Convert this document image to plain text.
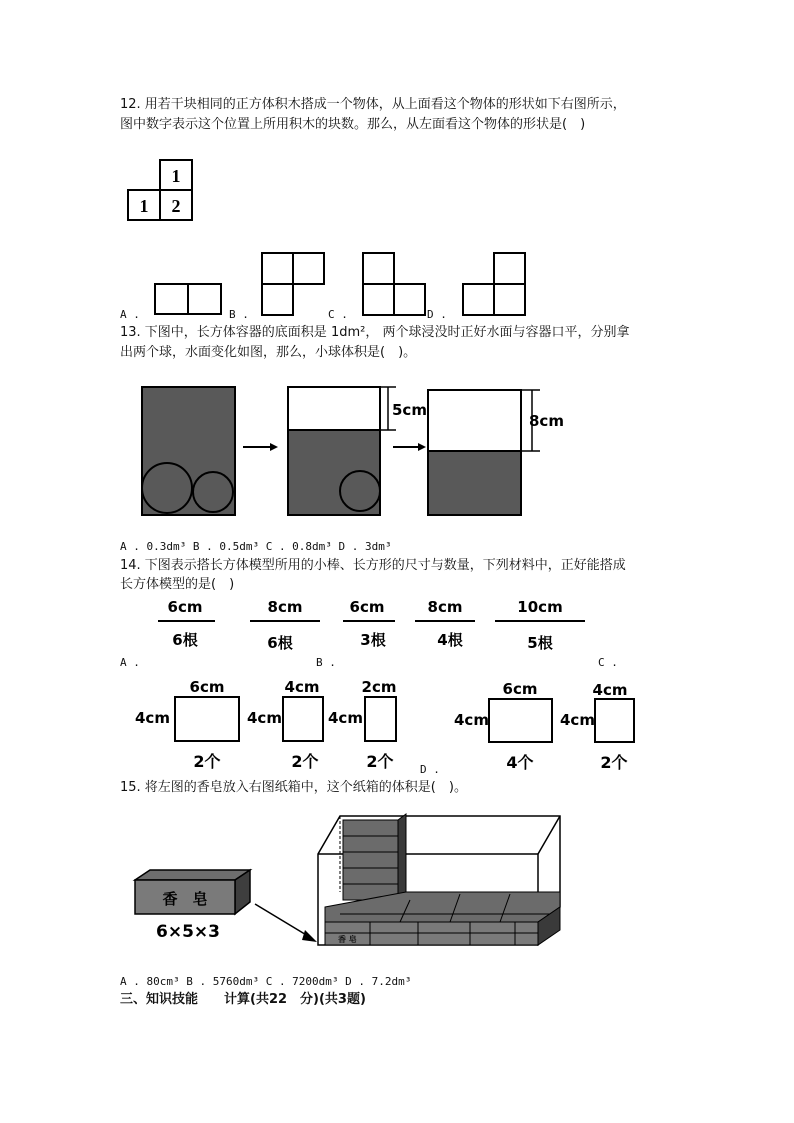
12. 用若干块相同的正方体积木搭成一个物体，从上面看这个物体的形状如下右图所示，
图中数字表示这个位置上所用积木的块数。那么，从左面看这个物体的形状是(　)
1
1 2
A .	B .	C .	D .
13. 下图中，长方体容器的底面积是 1dm²， 两个球浸没时正好水面与容器口平，分别拿
出两个球，水面变化如图，那么，小球体积是(　)。
5cm
8cm
A . 0.3dm³ B . 0.5dm³ C . 0.8dm³ D . 3dm³
14. 下图表示搭长方体模型所用的小棒、长方形的尺寸与数量，下列材料中，正好能搭成
长方体模型的是(　)
6cm
6根
8cm
6根
6cm
3根
8cm
4根
10cm
5根
A .	B .	C .
6cm
4cm
2个
4cm
4cm
2个
2cm
4cm
2个
6cm
4cm
4个
4cm
4cm
2个
D .
15. 将左图的香皂放入右图纸箱中，这个纸箱的体积是(　)。
香　皂
6×5×3	香 皂
A . 80cm³ B . 5760dm³ C . 7200dm³ D . 7.2dm³
三、知识技能　　计算(共22　分)(共3题)
